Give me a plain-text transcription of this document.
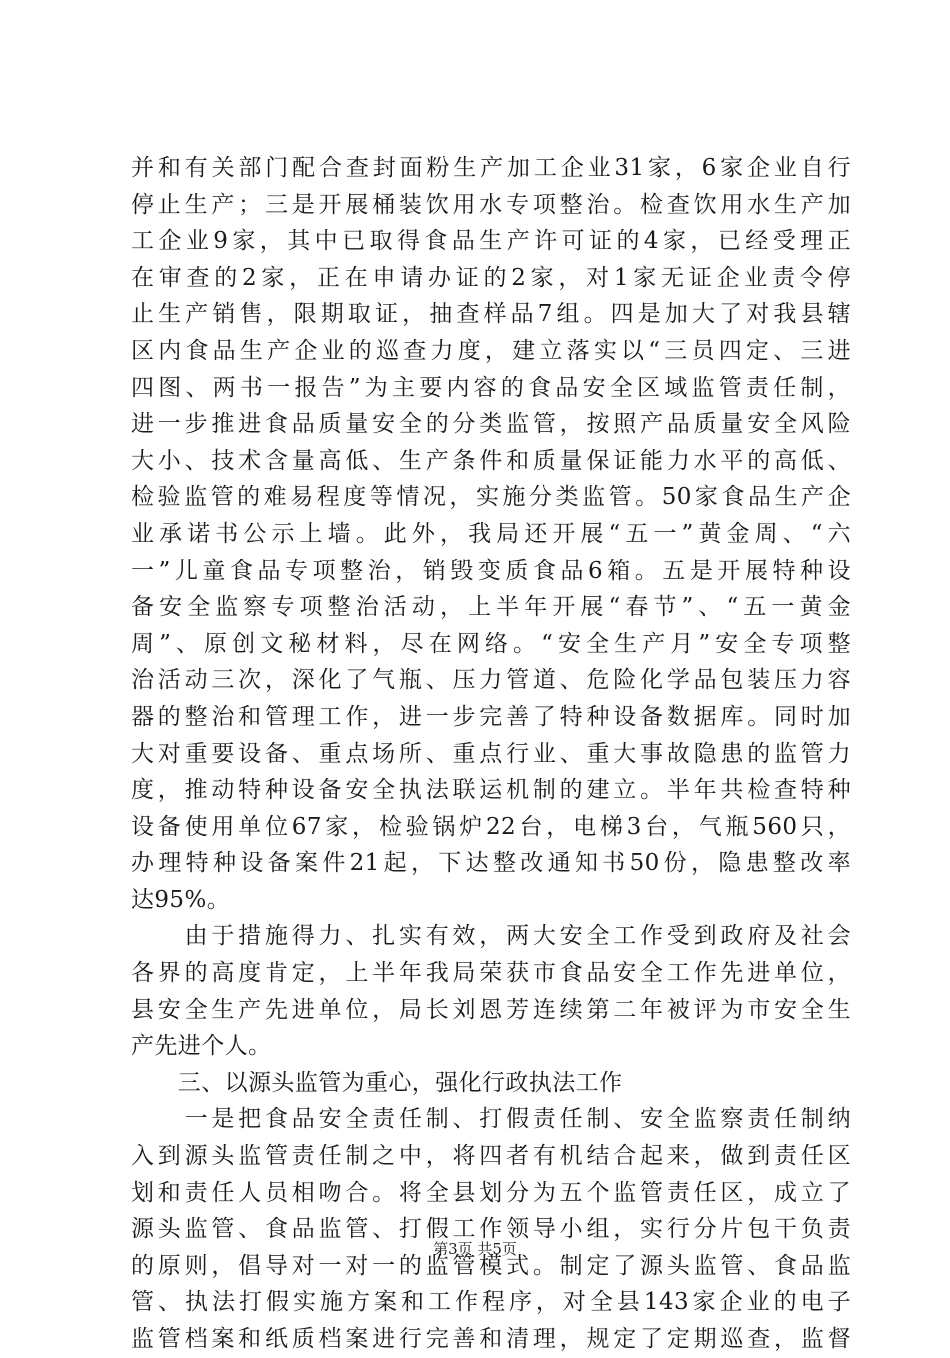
并和有关部门配合查封面粉生产加工企业31家，6家企业自行
停止生产；三是开展桶装饮用水专项整治。检查饮用水生产加
工企业9家，其中已取得食品生产许可证的4家，已经受理正
在审查的2家，正在申请办证的2家，对1家无证企业责令停
止生产销售，限期取证，抽查样品7组。四是加大了对我县辖
区内食品生产企业的巡查力度，建立落实以“三员四定、三进
四图、两书一报告”为主要内容的食品安全区域监管责任制，
进一步推进食品质量安全的分类监管，按照产品质量安全风险
大小、技术含量高低、生产条件和质量保证能力水平的高低、
检验监管的难易程度等情况，实施分类监管。50家食品生产企
业承诺书公示上墙。此外，我局还开展“五一”黄金周、“六
一”儿童食品专项整治，销毁变质食品6箱。五是开展特种设
备安全监察专项整治活动，上半年开展“春节”、“五一黄金
周”、原创文秘材料，尽在网络。“安全生产月”安全专项整
治活动三次，深化了气瓶、压力管道、危险化学品包装压力容
器的整治和管理工作，进一步完善了特种设备数据库。同时加
大对重要设备、重点场所、重点行业、重大事故隐患的监管力
度，推动特种设备安全执法联运机制的建立。半年共检查特种
设备使用单位67家，检验锅炉22台，电梯3台，气瓶560只，
办理特种设备案件21起，下达整改通知书50份，隐患整改率
达95%。
　　由于措施得力、扎实有效，两大安全工作受到政府及社会
各界的高度肯定，上半年我局荣获市食品安全工作先进单位，
县安全生产先进单位，局长刘恩芳连续第二年被评为市安全生
产先进个人。
　　三、以源头监管为重心，强化行政执法工作
　　一是把食品安全责任制、打假责任制、安全监察责任制纳
入到源头监管责任制之中，将四者有机结合起来，做到责任区
划和责任人员相吻合。将全县划分为五个监管责任区，成立了
源头监管、食品监管、打假工作领导小组，实行分片包干负责
的原则，倡导对一对一的监管模式。制定了源头监管、食品监
管、执法打假实施方案和工作程序，对全县143家企业的电子
监管档案和纸质档案进行完善和清理，规定了定期巡查，监督
第3页 共5页
